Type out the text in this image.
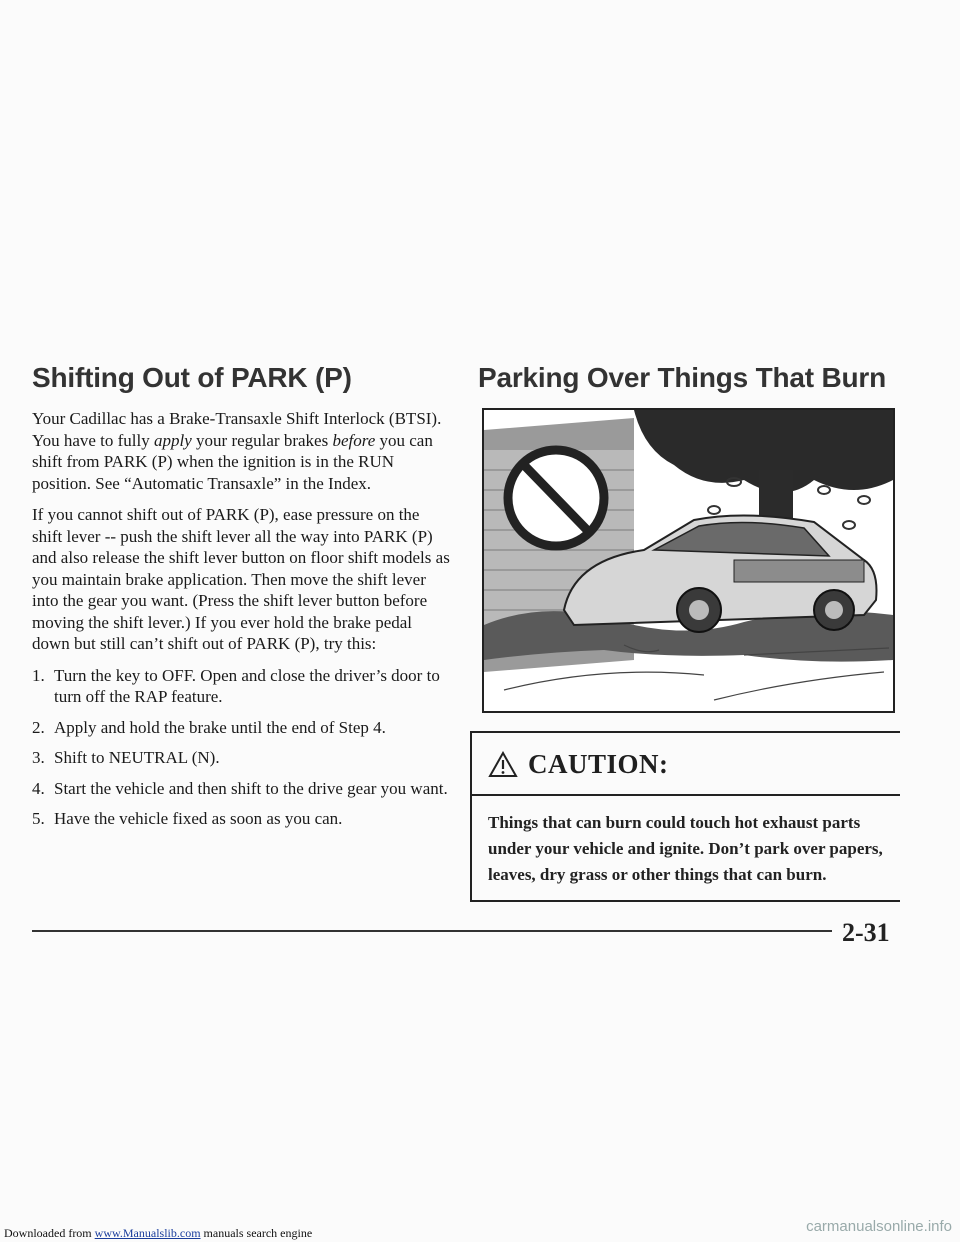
Shifting Out of PARK (P)

Your Cadillac has a Brake-Transaxle Shift Interlock (BTSI). You have to fully apply your regular brakes before you can shift from PARK (P) when the ignition is in the RUN position. See “Automatic Transaxle” in the Index.

If you cannot shift out of PARK (P), ease pressure on the shift lever -- push the shift lever all the way into PARK (P) and also release the shift lever button on floor shift models as you maintain brake application. Then move the shift lever into the gear you want. (Press the shift lever button before moving the shift lever.) If you ever hold the brake pedal down but still can’t shift out of PARK (P), try this:

1. Turn the key to OFF. Open and close the driver’s door to turn off the RAP feature.
2. Apply and hold the brake until the end of Step 4.
3. Shift to NEUTRAL (N).
4. Start the vehicle and then shift to the drive gear you want.
5. Have the vehicle fixed as soon as you can.
Parking Over Things That Burn
CAUTION:
Things that can burn could touch hot exhaust parts under your vehicle and ignite. Don’t park over papers, leaves, dry grass or other things that can burn.
2-31
Downloaded from www.Manualslib.com manuals search engine	carmanualsonline.info
